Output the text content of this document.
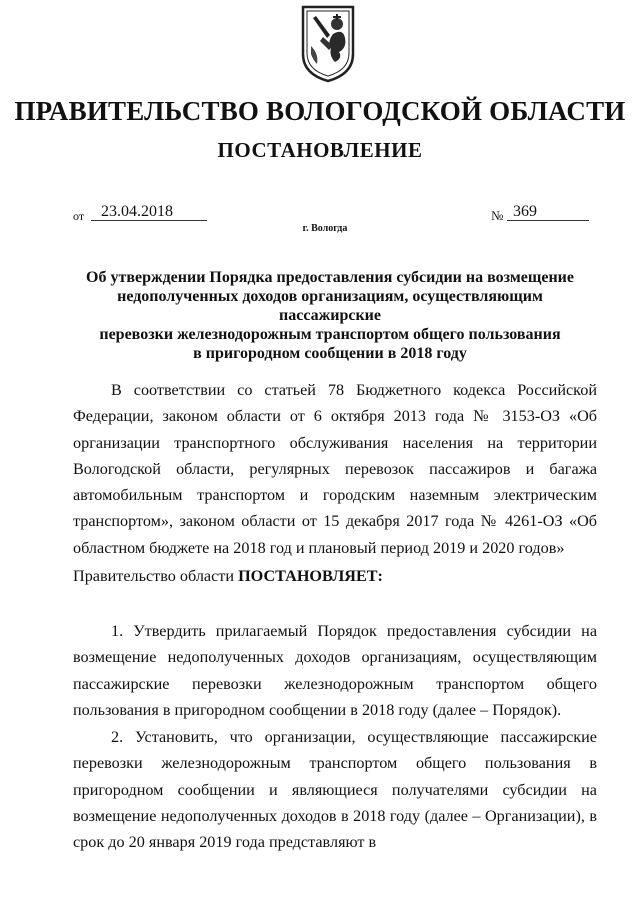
ПРАВИТЕЛЬСТВО ВОЛОГОДСКОЙ ОБЛАСТИ
ПОСТАНОВЛЕНИЕ
от	23.04.2018	№ 369
г. Вологда
Об утверждении Порядка предоставления субсидии на возмещение
недополученных доходов организациям, осуществляющим пассажирские
перевозки железнодорожным транспортом общего пользования
в пригородном сообщении в 2018 году

В соответствии со статьей 78 Бюджетного кодекса Российской Федерации, законом области от 6 октября 2013 года № 3153-ОЗ «Об организации транспортного обслуживания населения на территории Вологодской области, регулярных перевозок пассажиров и багажа автомобильным транспортом и городским наземным электрическим транспортом», законом области от 15 декабря 2017 года № 4261-ОЗ «Об областном бюджете на 2018 год и плановый период 2019 и 2020 годов»

Правительство области ПОСТАНОВЛЯЕТ:

1. Утвердить прилагаемый Порядок предоставления субсидии на возмещение недополученных доходов организациям, осуществляющим пассажирские перевозки железнодорожным транспортом общего пользования в пригородном сообщении в 2018 году (далее – Порядок).

2. Установить, что организации, осуществляющие пассажирские перевозки железнодорожным транспортом общего пользования в пригородном сообщении и являющиеся получателями субсидии на возмещение недополученных доходов в 2018 году (далее – Организации), в срок до 20 января 2019 года представляют в
